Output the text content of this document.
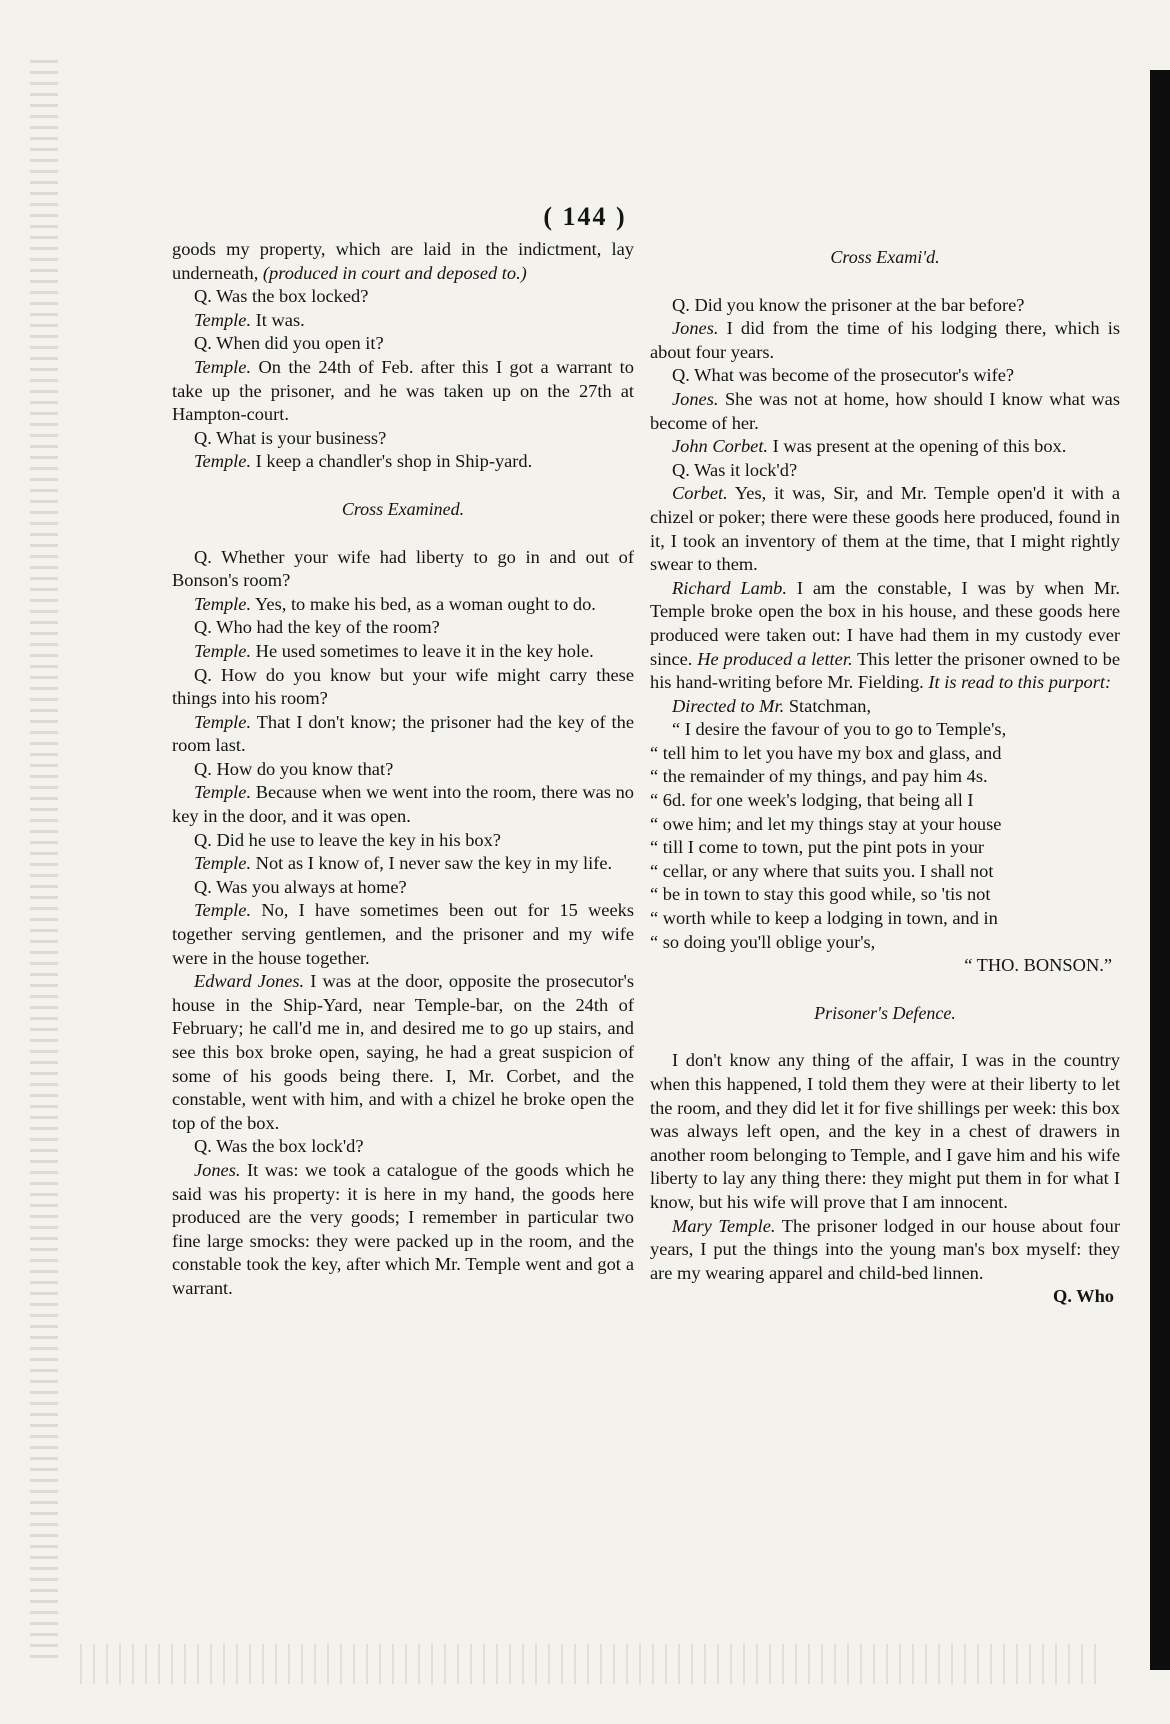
( 144 )

goods my property, which are laid in the indictment, lay underneath, (produced in court and deposed to.)

Q. Was the box locked?

Temple. It was.

Q. When did you open it?

Temple. On the 24th of Feb. after this I got a warrant to take up the prisoner, and he was taken up on the 27th at Hampton-court.

Q. What is your business?

Temple. I keep a chandler's shop in Ship-yard.

Cross Examined.

Q. Whether your wife had liberty to go in and out of Bonson's room?

Temple. Yes, to make his bed, as a woman ought to do.

Q. Who had the key of the room?

Temple. He used sometimes to leave it in the key hole.

Q. How do you know but your wife might carry these things into his room?

Temple. That I don't know; the prisoner had the key of the room last.

Q. How do you know that?

Temple. Because when we went into the room, there was no key in the door, and it was open.

Q. Did he use to leave the key in his box?

Temple. Not as I know of, I never saw the key in my life.

Q. Was you always at home?

Temple. No, I have sometimes been out for 15 weeks together serving gentlemen, and the prisoner and my wife were in the house together.

Edward Jones. I was at the door, opposite the prosecutor's house in the Ship-Yard, near Temple-bar, on the 24th of February; he call'd me in, and desired me to go up stairs, and see this box broke open, saying, he had a great suspicion of some of his goods being there. I, Mr. Corbet, and the constable, went with him, and with a chizel he broke open the top of the box.

Q. Was the box lock'd?

Jones. It was: we took a catalogue of the goods which he said was his property: it is here in my hand, the goods here produced are the very goods; I remember in particular two fine large smocks: they were packed up in the room, and the constable took the key, after which Mr. Temple went and got a warrant.

Cross Exami'd.

Q. Did you know the prisoner at the bar before?

Jones. I did from the time of his lodging there, which is about four years.

Q. What was become of the prosecutor's wife?

Jones. She was not at home, how should I know what was become of her.

John Corbet. I was present at the opening of this box.

Q. Was it lock'd?

Corbet. Yes, it was, Sir, and Mr. Temple open'd it with a chizel or poker; there were these goods here produced, found in it, I took an inventory of them at the time, that I might rightly swear to them.

Richard Lamb. I am the constable, I was by when Mr. Temple broke open the box in his house, and these goods here produced were taken out: I have had them in my custody ever since. He produced a letter. This letter the prisoner owned to be his hand-writing before Mr. Fielding. It is read to this purport:

Directed to Mr. Statchman,

“ I desire the favour of you to go to Temple's,

“ tell him to let you have my box and glass, and

“ the remainder of my things, and pay him 4s.

“ 6d. for one week's lodging, that being all I

“ owe him; and let my things stay at your house

“ till I come to town, put the pint pots in your

“ cellar, or any where that suits you. I shall not

“ be in town to stay this good while, so 'tis not

“ worth while to keep a lodging in town, and in

“ so doing you'll oblige your's,

“ THO. BONSON.”

Prisoner's Defence.

I don't know any thing of the affair, I was in the country when this happened, I told them they were at their liberty to let the room, and they did let it for five shillings per week: this box was always left open, and the key in a chest of drawers in another room belonging to Temple, and I gave him and his wife liberty to lay any thing there: they might put them in for what I know, but his wife will prove that I am innocent.

Mary Temple. The prisoner lodged in our house about four years, I put the things into the young man's box myself: they are my wearing apparel and child-bed linnen.

Q. Who
